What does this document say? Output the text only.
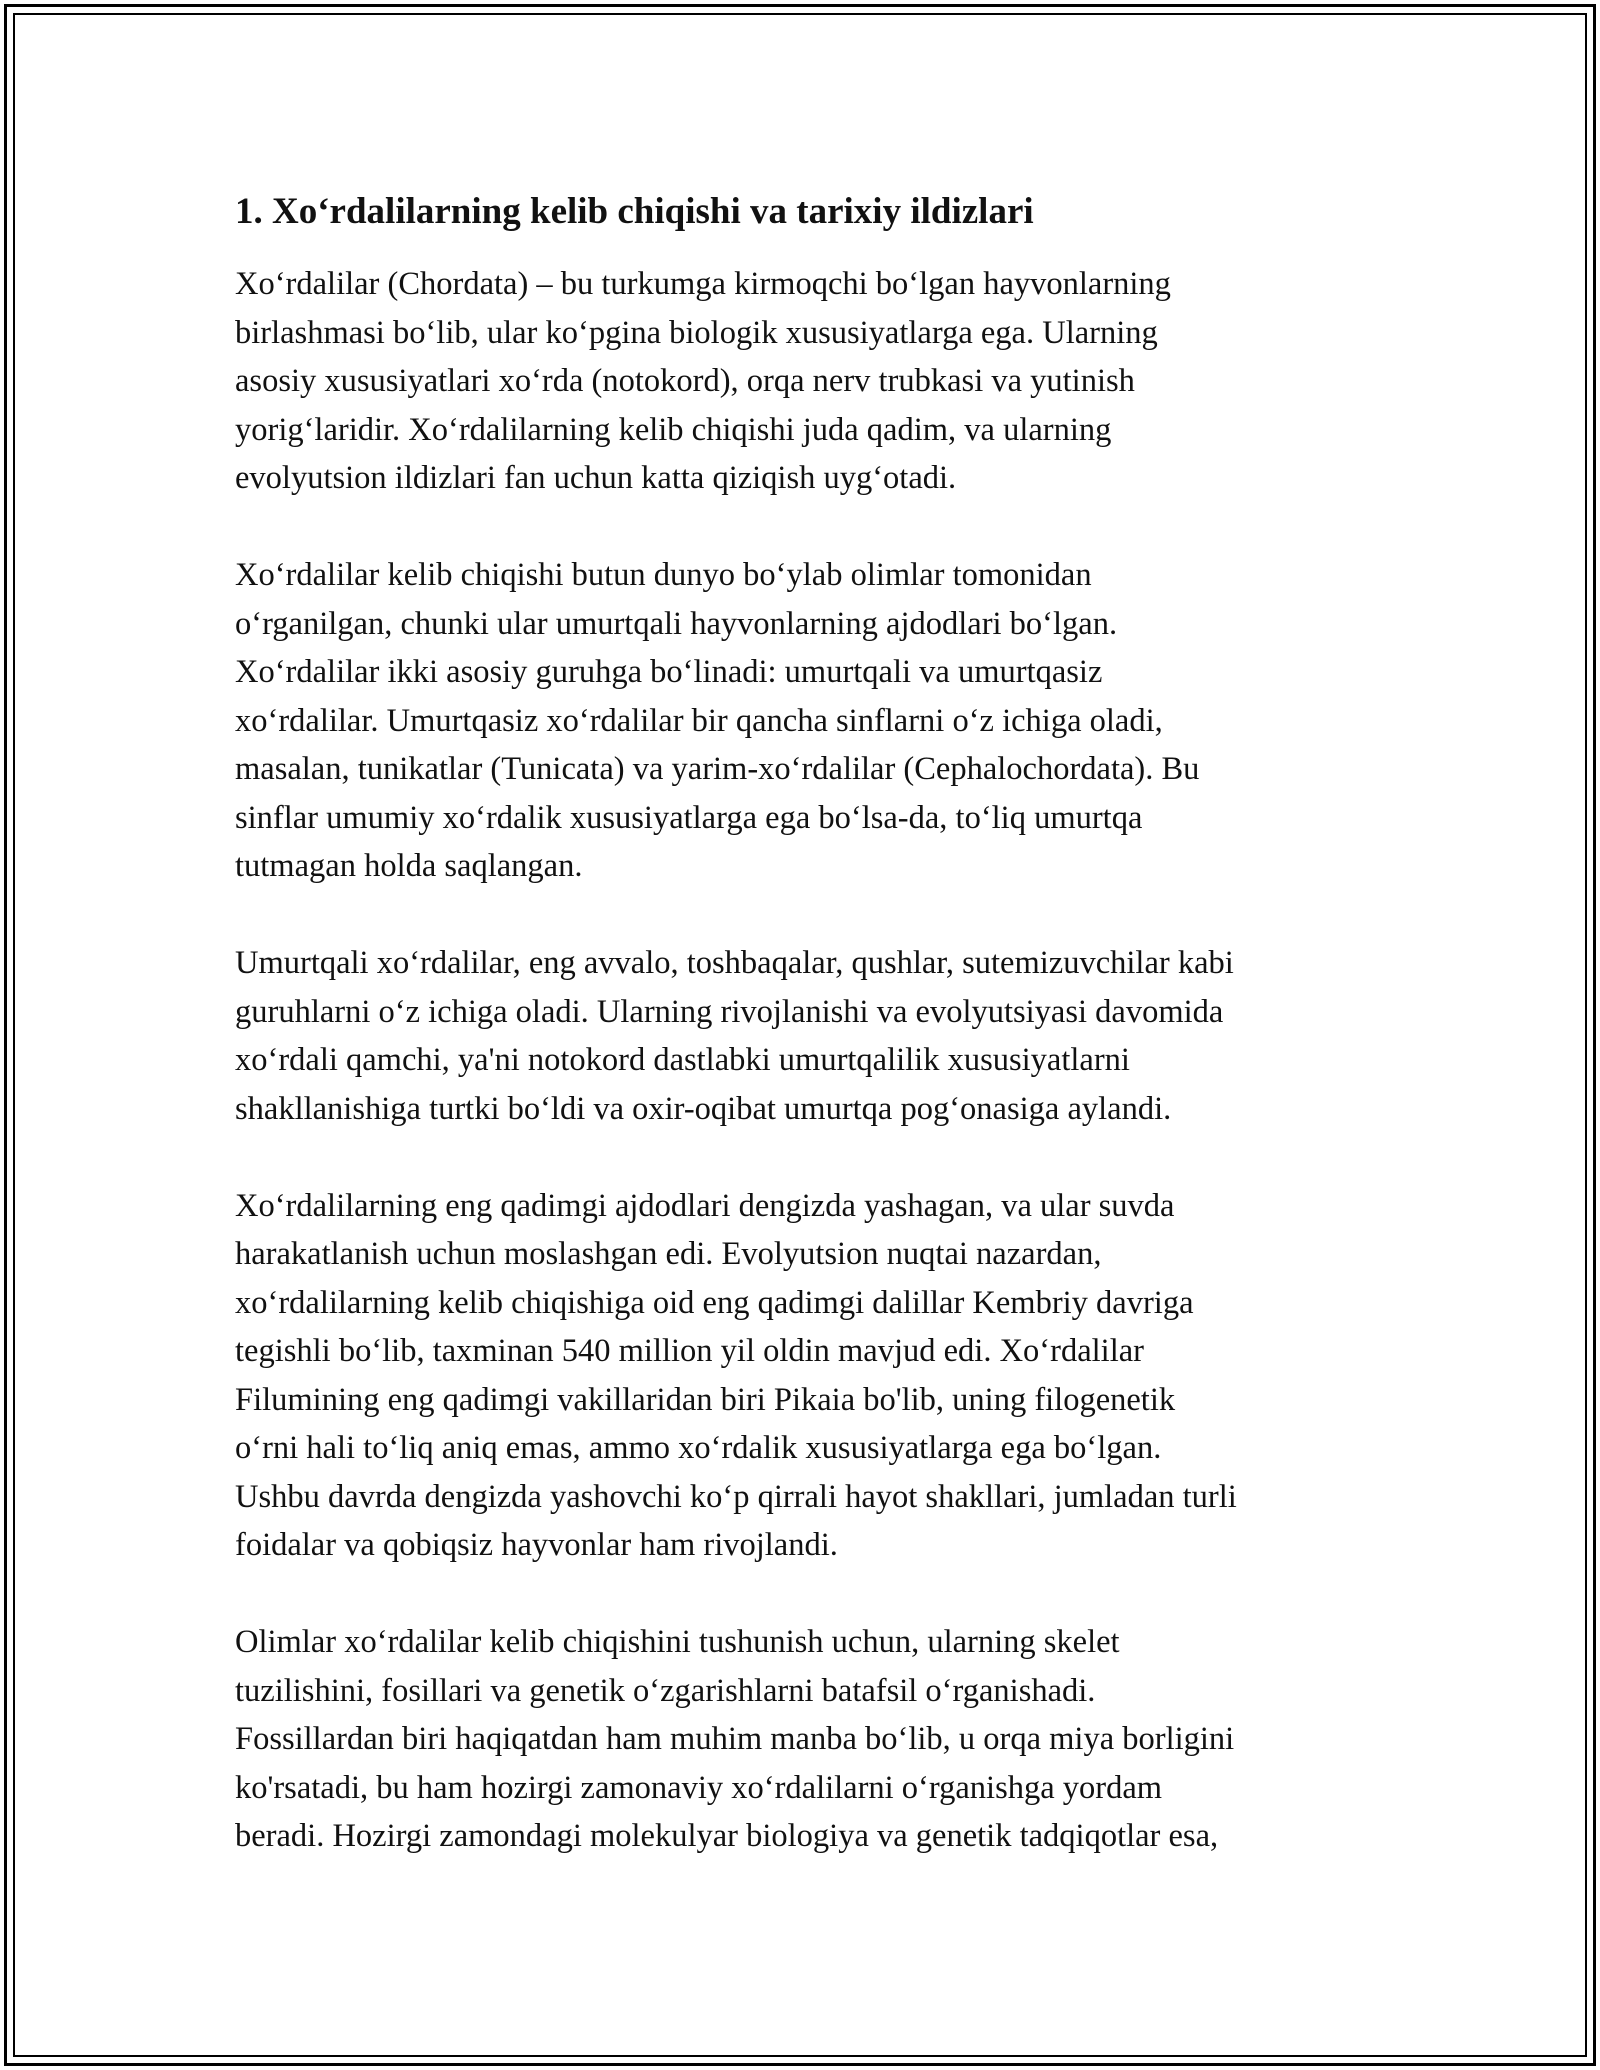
1. Xo‘rdalilarning kelib chiqishi va tarixiy ildizlari

Xo‘rdalilar (Chordata) – bu turkumga kirmoqchi bo‘lgan hayvonlarning
birlashmasi bo‘lib, ular ko‘pgina biologik xususiyatlarga ega. Ularning
asosiy xususiyatlari xo‘rda (notokord), orqa nerv trubkasi va yutinish
yorig‘laridir. Xo‘rdalilarning kelib chiqishi juda qadim, va ularning
evolyutsion ildizlari fan uchun katta qiziqish uyg‘otadi.

Xo‘rdalilar kelib chiqishi butun dunyo bo‘ylab olimlar tomonidan
o‘rganilgan, chunki ular umurtqali hayvonlarning ajdodlari bo‘lgan.
Xo‘rdalilar ikki asosiy guruhga bo‘linadi: umurtqali va umurtqasiz
xo‘rdalilar. Umurtqasiz xo‘rdalilar bir qancha sinflarni o‘z ichiga oladi,
masalan, tunikatlar (Tunicata) va yarim-xo‘rdalilar (Cephalochordata). Bu
sinflar umumiy xo‘rdalik xususiyatlarga ega bo‘lsa-da, to‘liq umurtqa
tutmagan holda saqlangan.

Umurtqali xo‘rdalilar, eng avvalo, toshbaqalar, qushlar, sutemizuvchilar kabi
guruhlarni o‘z ichiga oladi. Ularning rivojlanishi va evolyutsiyasi davomida
xo‘rdali qamchi, ya'ni notokord dastlabki umurtqalilik xususiyatlarni
shakllanishiga turtki bo‘ldi va oxir-oqibat umurtqa pog‘onasiga aylandi.

Xo‘rdalilarning eng qadimgi ajdodlari dengizda yashagan, va ular suvda
harakatlanish uchun moslashgan edi. Evolyutsion nuqtai nazardan,
xo‘rdalilarning kelib chiqishiga oid eng qadimgi dalillar Kembriy davriga
tegishli bo‘lib, taxminan 540 million yil oldin mavjud edi. Xo‘rdalilar
Filumining eng qadimgi vakillaridan biri Pikaia bo'lib, uning filogenetik
o‘rni hali to‘liq aniq emas, ammo xo‘rdalik xususiyatlarga ega bo‘lgan.
Ushbu davrda dengizda yashovchi ko‘p qirrali hayot shakllari, jumladan turli
foidalar va qobiqsiz hayvonlar ham rivojlandi.

Olimlar xo‘rdalilar kelib chiqishini tushunish uchun, ularning skelet
tuzilishini, fosillari va genetik o‘zgarishlarni batafsil o‘rganishadi.
Fossillardan biri haqiqatdan ham muhim manba bo‘lib, u orqa miya borligini
ko'rsatadi, bu ham hozirgi zamonaviy xo‘rdalilarni o‘rganishga yordam
beradi. Hozirgi zamondagi molekulyar biologiya va genetik tadqiqotlar esa,
